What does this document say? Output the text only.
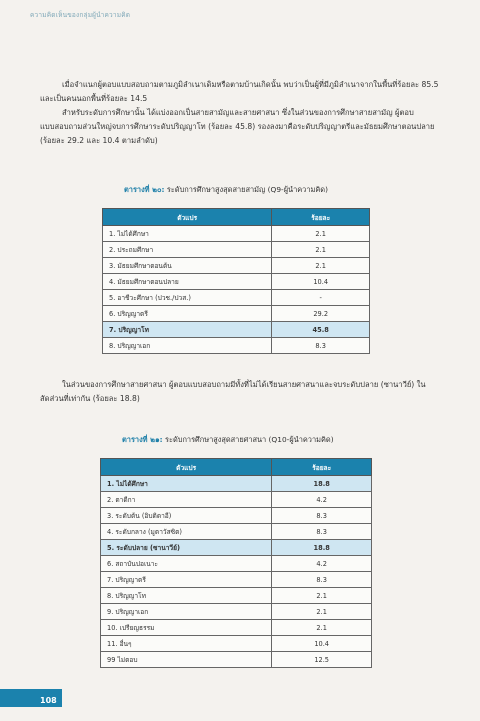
ความคิดเห็นของกลุ่มผู้นำความคิด
เมื่อจำแนกผู้ตอบแบบสอบถามตามภูมิลำเนาเดิมหรือตามบ้านเกิดนั้น พบว่าเป็นผู้ที่มีภูมิลำเนาจากในพื้นที่ร้อยละ 85.5 และเป็นคนนอกพื้นที่ร้อยละ 14.5
สำหรับระดับการศึกษานั้น ได้แบ่งออกเป็นสายสามัญและสายศาสนา ซึ่งในส่วนของการศึกษาสายสามัญ ผู้ตอบแบบสอบถามส่วนใหญ่จบการศึกษาระดับปริญญาโท (ร้อยละ 45.8) รองลงมาคือระดับปริญญาตรีและมัธยมศึกษาตอนปลาย (ร้อยละ 29.2 และ 10.4 ตามลำดับ)
ตารางที่ ๒๐: ระดับการศึกษาสูงสุดสายสามัญ (Q9-ผู้นำความคิด)
ตัวแปร	ร้อยละ
1. ไม่ได้ศึกษา	2.1
2. ประถมศึกษา	2.1
3. มัธยมศึกษาตอนต้น	2.1
4. มัธยมศึกษาตอนปลาย	10.4
5. อาชีวะศึกษา (ปวช./ปวส.)	-
6. ปริญญาตรี	29.2
7. ปริญญาโท	45.8
8. ปริญญาเอก	8.3
ในส่วนของการศึกษาสายศาสนา ผู้ตอบแบบสอบถามมีทั้งที่ไม่ได้เรียนสายศาสนาและจบระดับปลาย (ซานาวีย์) ในสัดส่วนที่เท่ากัน (ร้อยละ 18.8)
ตารางที่ ๒๑: ระดับการศึกษาสูงสุดสายศาสนา (Q10-ผู้นำความคิด)
ตัวแปร	ร้อยละ
1. ไม่ได้ศึกษา	18.8
2. ตาดีกา	4.2
3. ระดับต้น (อิบติดาอี)	8.3
4. ระดับกลาง (มูตาวัสซิต)	8.3
5. ระดับปลาย (ซานาวีย์)	18.8
6. สถาบันปอเนาะ	4.2
7. ปริญญาตรี	8.3
8. ปริญญาโท	2.1
9. ปริญญาเอก	2.1
10. เปรียญธรรม	2.1
11. อื่นๆ	10.4
99 ไม่ตอบ	12.5
108
